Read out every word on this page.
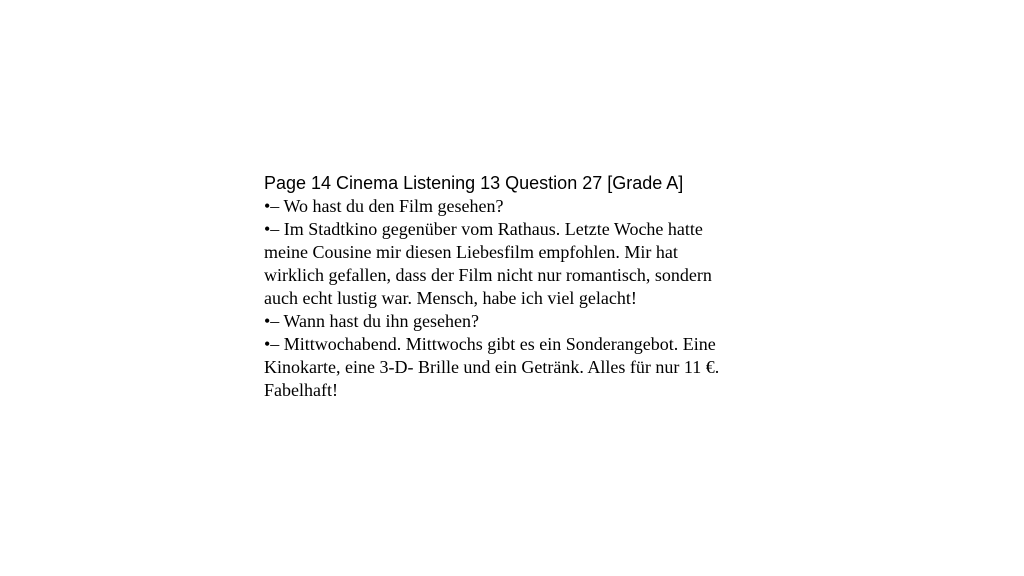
Page 14 Cinema Listening 13 Question 27 [Grade A]

•– Wo hast du den Film gesehen?

•– Im Stadtkino gegenüber vom Rathaus. Letzte Woche hatte

meine Cousine mir diesen Liebesfilm empfohlen. Mir hat

wirklich gefallen, dass der Film nicht nur romantisch, sondern

auch echt lustig war. Mensch, habe ich viel gelacht!

•– Wann hast du ihn gesehen?

•– Mittwochabend. Mittwochs gibt es ein Sonderangebot. Eine

Kinokarte, eine 3-D- Brille und ein Getränk. Alles für nur 11 €.

Fabelhaft!
